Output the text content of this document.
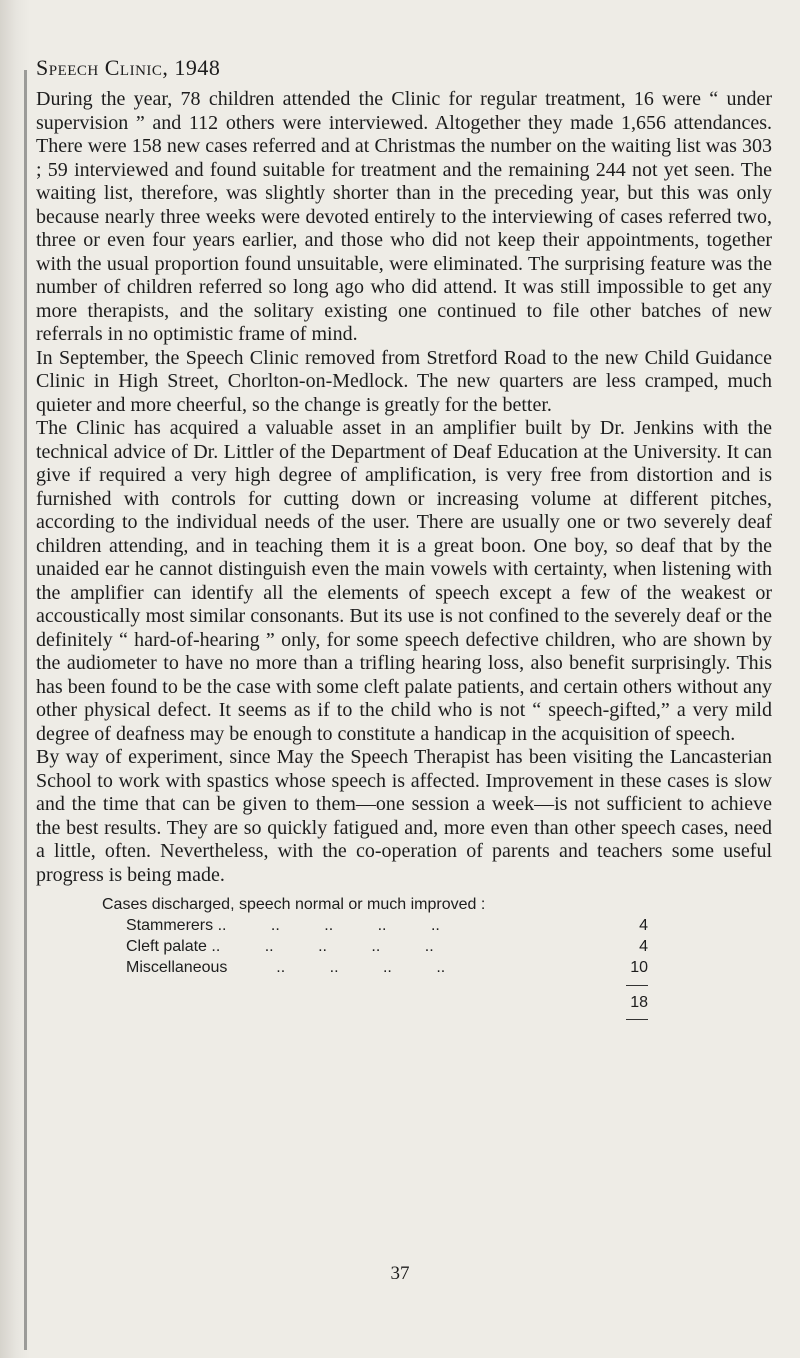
Speech Clinic, 1948

During the year, 78 children attended the Clinic for regular treatment, 16 were “ under supervision ” and 112 others were interviewed. Altogether they made 1,656 attendances. There were 158 new cases referred and at Christmas the number on the waiting list was 303 ; 59 interviewed and found suitable for treatment and the remaining 244 not yet seen. The waiting list, therefore, was slightly shorter than in the preceding year, but this was only because nearly three weeks were devoted entirely to the interviewing of cases referred two, three or even four years earlier, and those who did not keep their appointments, together with the usual proportion found unsuitable, were eliminated. The surprising feature was the number of children referred so long ago who did attend. It was still impossible to get any more therapists, and the solitary existing one continued to file other batches of new referrals in no optimistic frame of mind.

In September, the Speech Clinic removed from Stretford Road to the new Child Guidance Clinic in High Street, Chorlton-on-Medlock. The new quarters are less cramped, much quieter and more cheerful, so the change is greatly for the better.

The Clinic has acquired a valuable asset in an amplifier built by Dr. Jenkins with the technical advice of Dr. Littler of the Department of Deaf Education at the University. It can give if required a very high degree of amplification, is very free from distortion and is furnished with controls for cutting down or increasing volume at different pitches, according to the individual needs of the user. There are usually one or two severely deaf children attending, and in teaching them it is a great boon. One boy, so deaf that by the unaided ear he cannot distinguish even the main vowels with certainty, when listening with the amplifier can identify all the elements of speech except a few of the weakest or accoustically most similar consonants. But its use is not confined to the severely deaf or the definitely “ hard-of-hearing ” only, for some speech defective children, who are shown by the audiometer to have no more than a trifling hearing loss, also benefit surprisingly. This has been found to be the case with some cleft palate patients, and certain others without any other physical defect. It seems as if to the child who is not “ speech-gifted,” a very mild degree of deafness may be enough to constitute a handicap in the acquisition of speech.

By way of experiment, since May the Speech Therapist has been visiting the Lancasterian School to work with spastics whose speech is affected. Improvement in these cases is slow and the time that can be given to them—one session a week—is not sufficient to achieve the best results. They are so quickly fatigued and, more even than other speech cases, need a little, often. Nevertheless, with the co-operation of parents and teachers some useful progress is being made.

Cases discharged, speech normal or much improved :

Stammerers ..          ..          ..          ..          ..	4
Cleft palate ..          ..          ..          ..          ..	4
Miscellaneous           ..          ..          ..          ..	10
18
37
